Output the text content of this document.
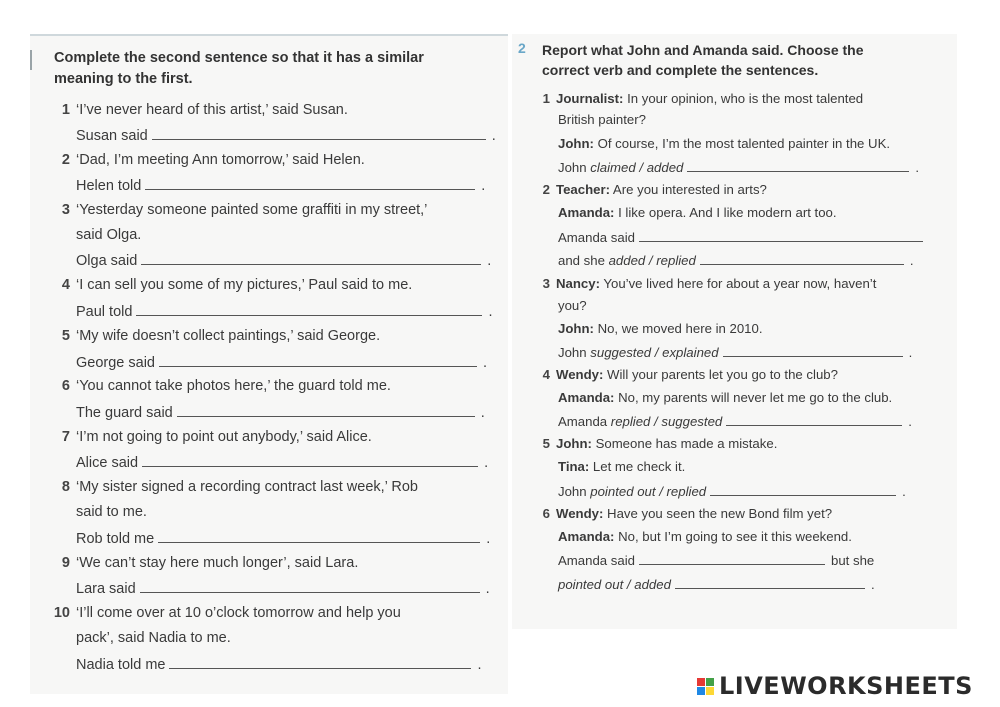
Complete the second sentence so that it has a similar
meaning to the first.
1 ‘I’ve never heard of this artist,’ said Susan.
Susan said	.
2 ‘Dad, I’m meeting Ann tomorrow,’ said Helen.
Helen told	.
3 ‘Yesterday someone painted some graffiti in my street,’
said Olga.
Olga said	.
4 ‘I can sell you some of my pictures,’ Paul said to me.
Paul told	.
5 ‘My wife doesn’t collect paintings,’ said George.
George said	.
6 ‘You cannot take photos here,’ the guard told me.
The guard said	.
7 ‘I’m not going to point out anybody,’ said Alice.
Alice said	.
8 ‘My sister signed a recording contract last week,’ Rob
said to me.
Rob told me	.
9 ‘We can’t stay here much longer’, said Lara.
Lara said	.
10 ‘I’ll come over at 10 o’clock tomorrow and help you
pack’, said Nadia to me.
Nadia told me	.
2 Report what John and Amanda said. Choose the
correct verb and complete the sentences.
1 Journalist: In your opinion, who is the most talented
British painter?
John: Of course, I’m the most talented painter in the UK.
John claimed / added	.
2 Teacher: Are you interested in arts?
Amanda: I like opera. And I like modern art too.
Amanda said
and she added / replied	.
3 Nancy: You’ve lived here for about a year now, haven’t
you?
John: No, we moved here in 2010.
John suggested / explained	.
4 Wendy: Will your parents let you go to the club?
Amanda: No, my parents will never let me go to the club.
Amanda replied / suggested	.
5 John: Someone has made a mistake.
Tina: Let me check it.
John pointed out / replied	.
6 Wendy: Have you seen the new Bond film yet?
Amanda: No, but I’m going to see it this weekend.
Amanda said	but she
pointed out / added	.
LIVEWORKSHEETS
